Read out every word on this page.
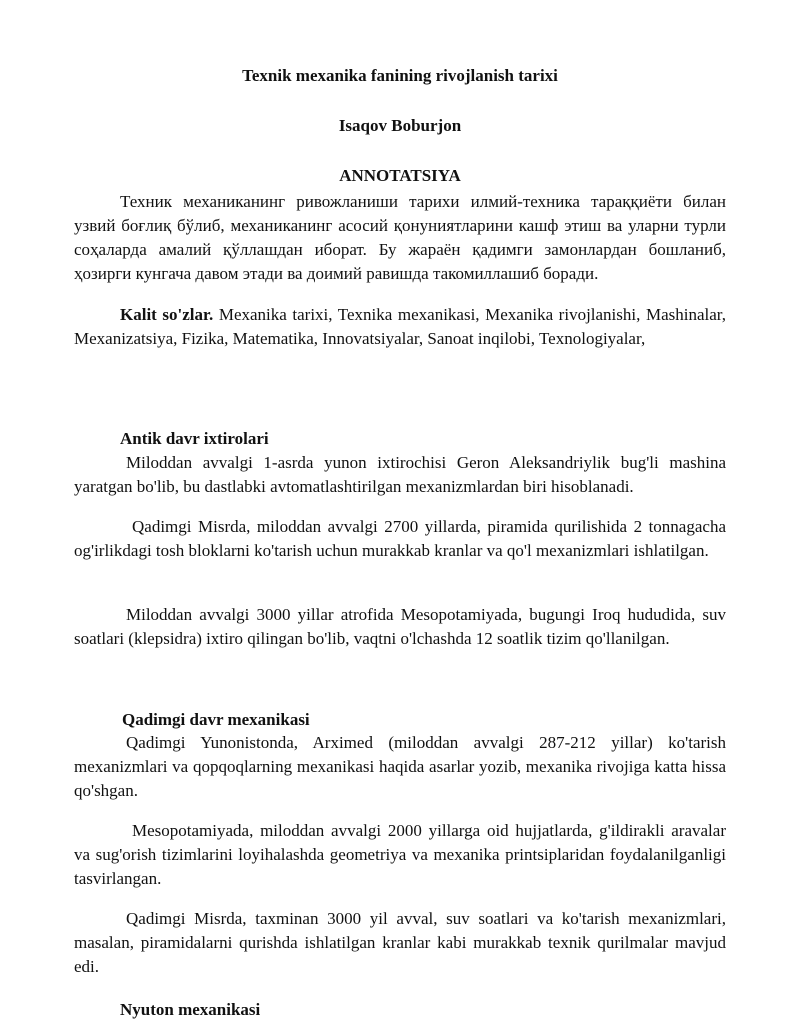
Texnik mexanika fanining rivojlanish tarixi
Isaqov Boburjon
ANNOTATSIYA
Техник механиканинг ривожланиши тарихи илмий-техника тараққиёти билан узвий боғлиқ бўлиб, механиканинг асосий қонуниятларини кашф этиш ва уларни турли соҳаларда амалий қўллашдан иборат. Бу жараён қадимги замонлардан бошланиб, ҳозирги кунгача давом этади ва доимий равишда такомиллашиб боради.
Kalit so'zlar. Mexanika tarixi, Texnika mexanikasi, Mexanika rivojlanishi, Mashinalar, Mexanizatsiya, Fizika, Matematika, Innovatsiyalar, Sanoat inqilobi, Texnologiyalar,
Antik davr ixtirolari
Miloddan avvalgi 1-asrda yunon ixtirochisi Geron Aleksandriylik bug'li mashina yaratgan bo'lib, bu dastlabki avtomatlashtirilgan mexanizmlardan biri hisoblanadi.
Qadimgi Misrda, miloddan avvalgi 2700 yillarda, piramida qurilishida 2 tonnagacha og'irlikdagi tosh bloklarni ko'tarish uchun murakkab kranlar va qo'l mexanizmlari ishlatilgan.
Miloddan avvalgi 3000 yillar atrofida Mesopotamiyada, bugungi Iroq hududida, suv soatlari (klepsidra) ixtiro qilingan bo'lib, vaqtni o'lchashda 12 soatlik tizim qo'llanilgan.
Qadimgi davr mexanikasi
Qadimgi Yunonistonda, Arximed (miloddan avvalgi 287-212 yillar) ko'tarish mexanizmlari va qopqoqlarning mexanikasi haqida asarlar yozib, mexanika rivojiga katta hissa qo'shgan.
Mesopotamiyada, miloddan avvalgi 2000 yillarga oid hujjatlarda, g'ildirakli aravalar va sug'orish tizimlarini loyihalashda geometriya va mexanika printsiplaridan foydalanilganligi tasvirlangan.
Qadimgi Misrda, taxminan 3000 yil avval, suv soatlari va ko'tarish mexanizmlari, masalan, piramidalarni qurishda ishlatilgan kranlar kabi murakkab texnik qurilmalar mavjud edi.
Nyuton mexanikasi
